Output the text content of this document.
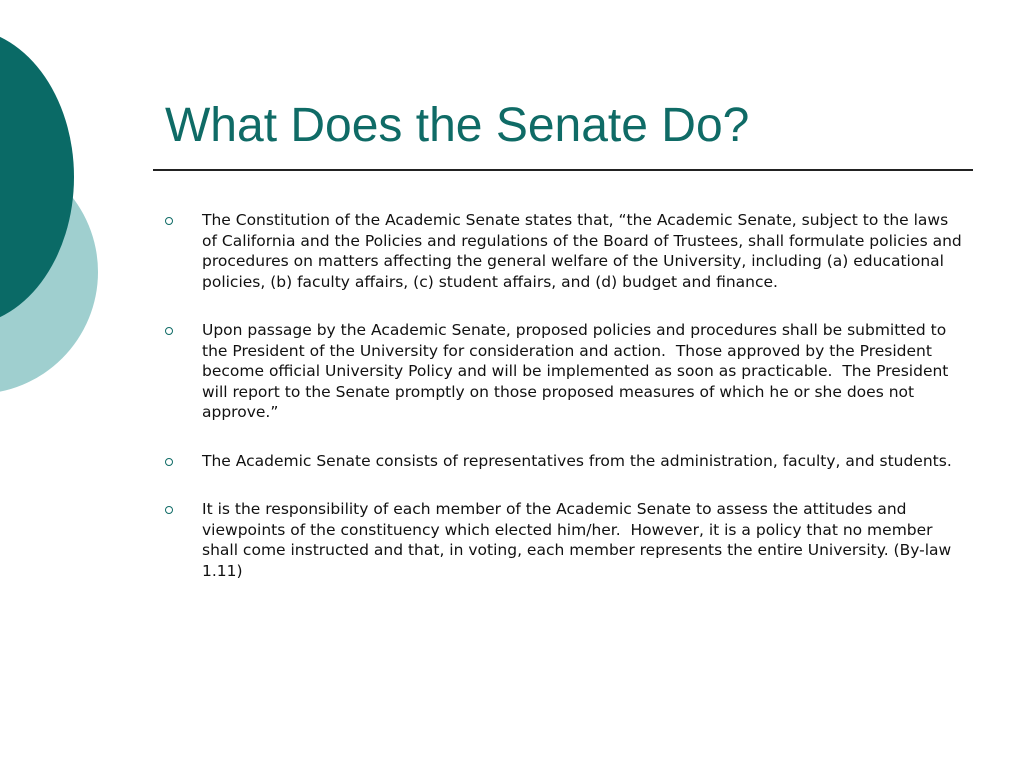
What Does the Senate Do?
The Constitution of the Academic Senate states that, “the Academic Senate, subject to the laws of California and the Policies and regulations of the Board of Trustees, shall formulate policies and procedures on matters affecting the general welfare of the University, including (a) educational policies, (b) faculty affairs, (c) student affairs, and (d) budget and finance.
Upon passage by the Academic Senate, proposed policies and procedures shall be submitted to the President of the University for consideration and action.  Those approved by the President become official University Policy and will be implemented as soon as practicable.  The President will report to the Senate promptly on those proposed measures of which he or she does not approve.”
The Academic Senate consists of representatives from the administration, faculty, and students.
It is the responsibility of each member of the Academic Senate to assess the attitudes and viewpoints of the constituency which elected him/her.  However, it is a policy that no member shall come instructed and that, in voting, each member represents the entire University. (By-law 1.11)
